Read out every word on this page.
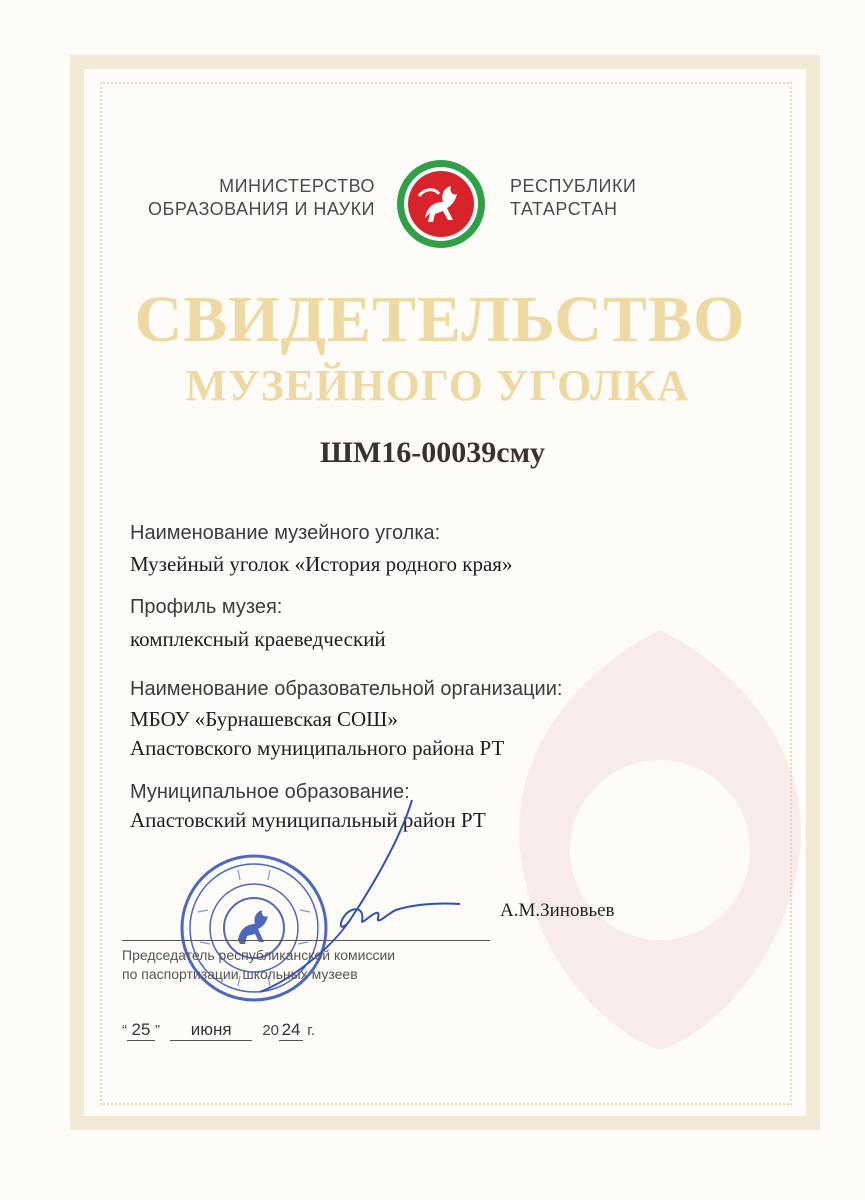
МИНИСТЕРСТВО
ОБРАЗОВАНИЯ И НАУКИ
РЕСПУБЛИКИ
ТАТАРСТАН
СВИДЕТЕЛЬСТВО
МУЗЕЙНОГО УГОЛКА
ШМ16-00039сму
Наименование музейного уголка:
Музейный уголок «История родного края»
Профиль музея:
комплексный краеведческий
Наименование образовательной организации:
МБОУ «Бурнашевская СОШ»
Апастовского муниципального района РТ
Муниципальное образование:
Апастовский муниципальный район РТ
А.М.Зиновьев
Председатель республиканской комиссии
по паспортизации школьных музеев
“ 25 ” июня 20 24 г.
